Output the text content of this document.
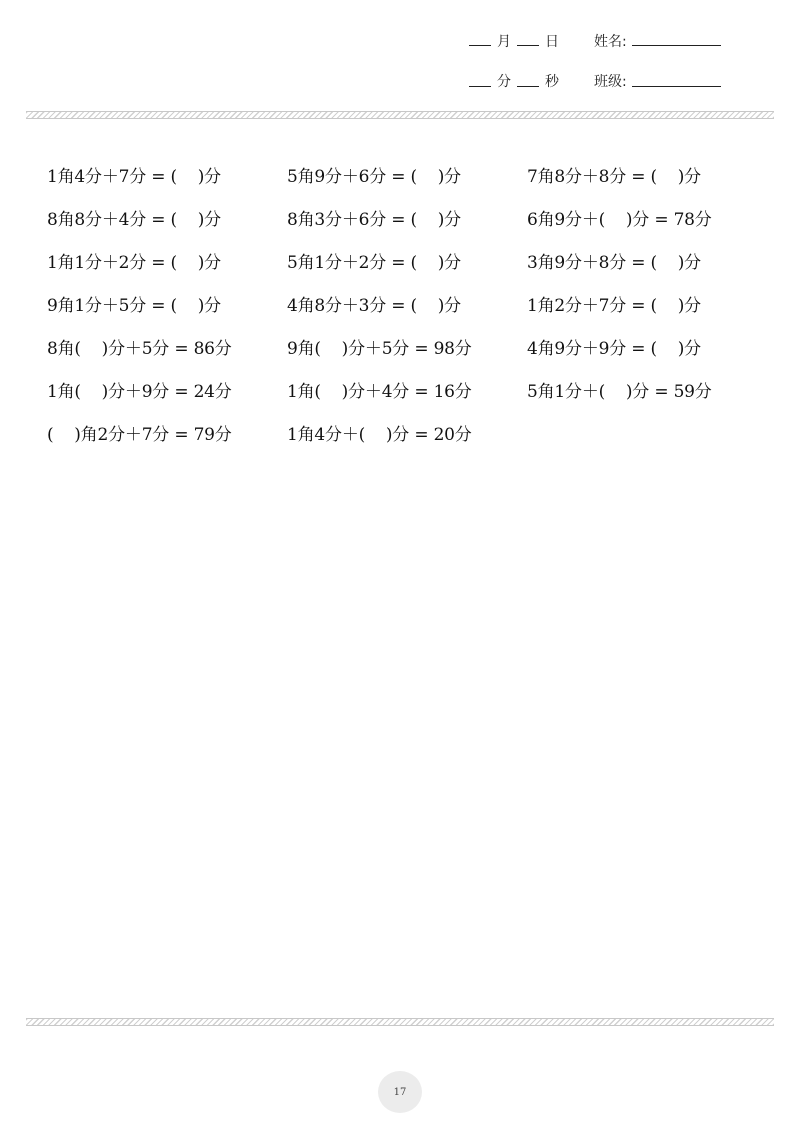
月 日	姓名:
分 秒	班级:
1角4分＋7分 = (    )分	5角9分＋6分 = (    )分	7角8分＋8分 = (    )分
8角8分＋4分 = (    )分	8角3分＋6分 = (    )分	6角9分＋(    )分 = 78分
1角1分＋2分 = (    )分	5角1分＋2分 = (    )分	3角9分＋8分 = (    )分
9角1分＋5分 = (    )分	4角8分＋3分 = (    )分	1角2分＋7分 = (    )分
8角(    )分＋5分 = 86分	9角(    )分＋5分 = 98分	4角9分＋9分 = (    )分
1角(    )分＋9分 = 24分	1角(    )分＋4分 = 16分	5角1分＋(    )分 = 59分
(    )角2分＋7分 = 79分	1角4分＋(    )分 = 20分
17
